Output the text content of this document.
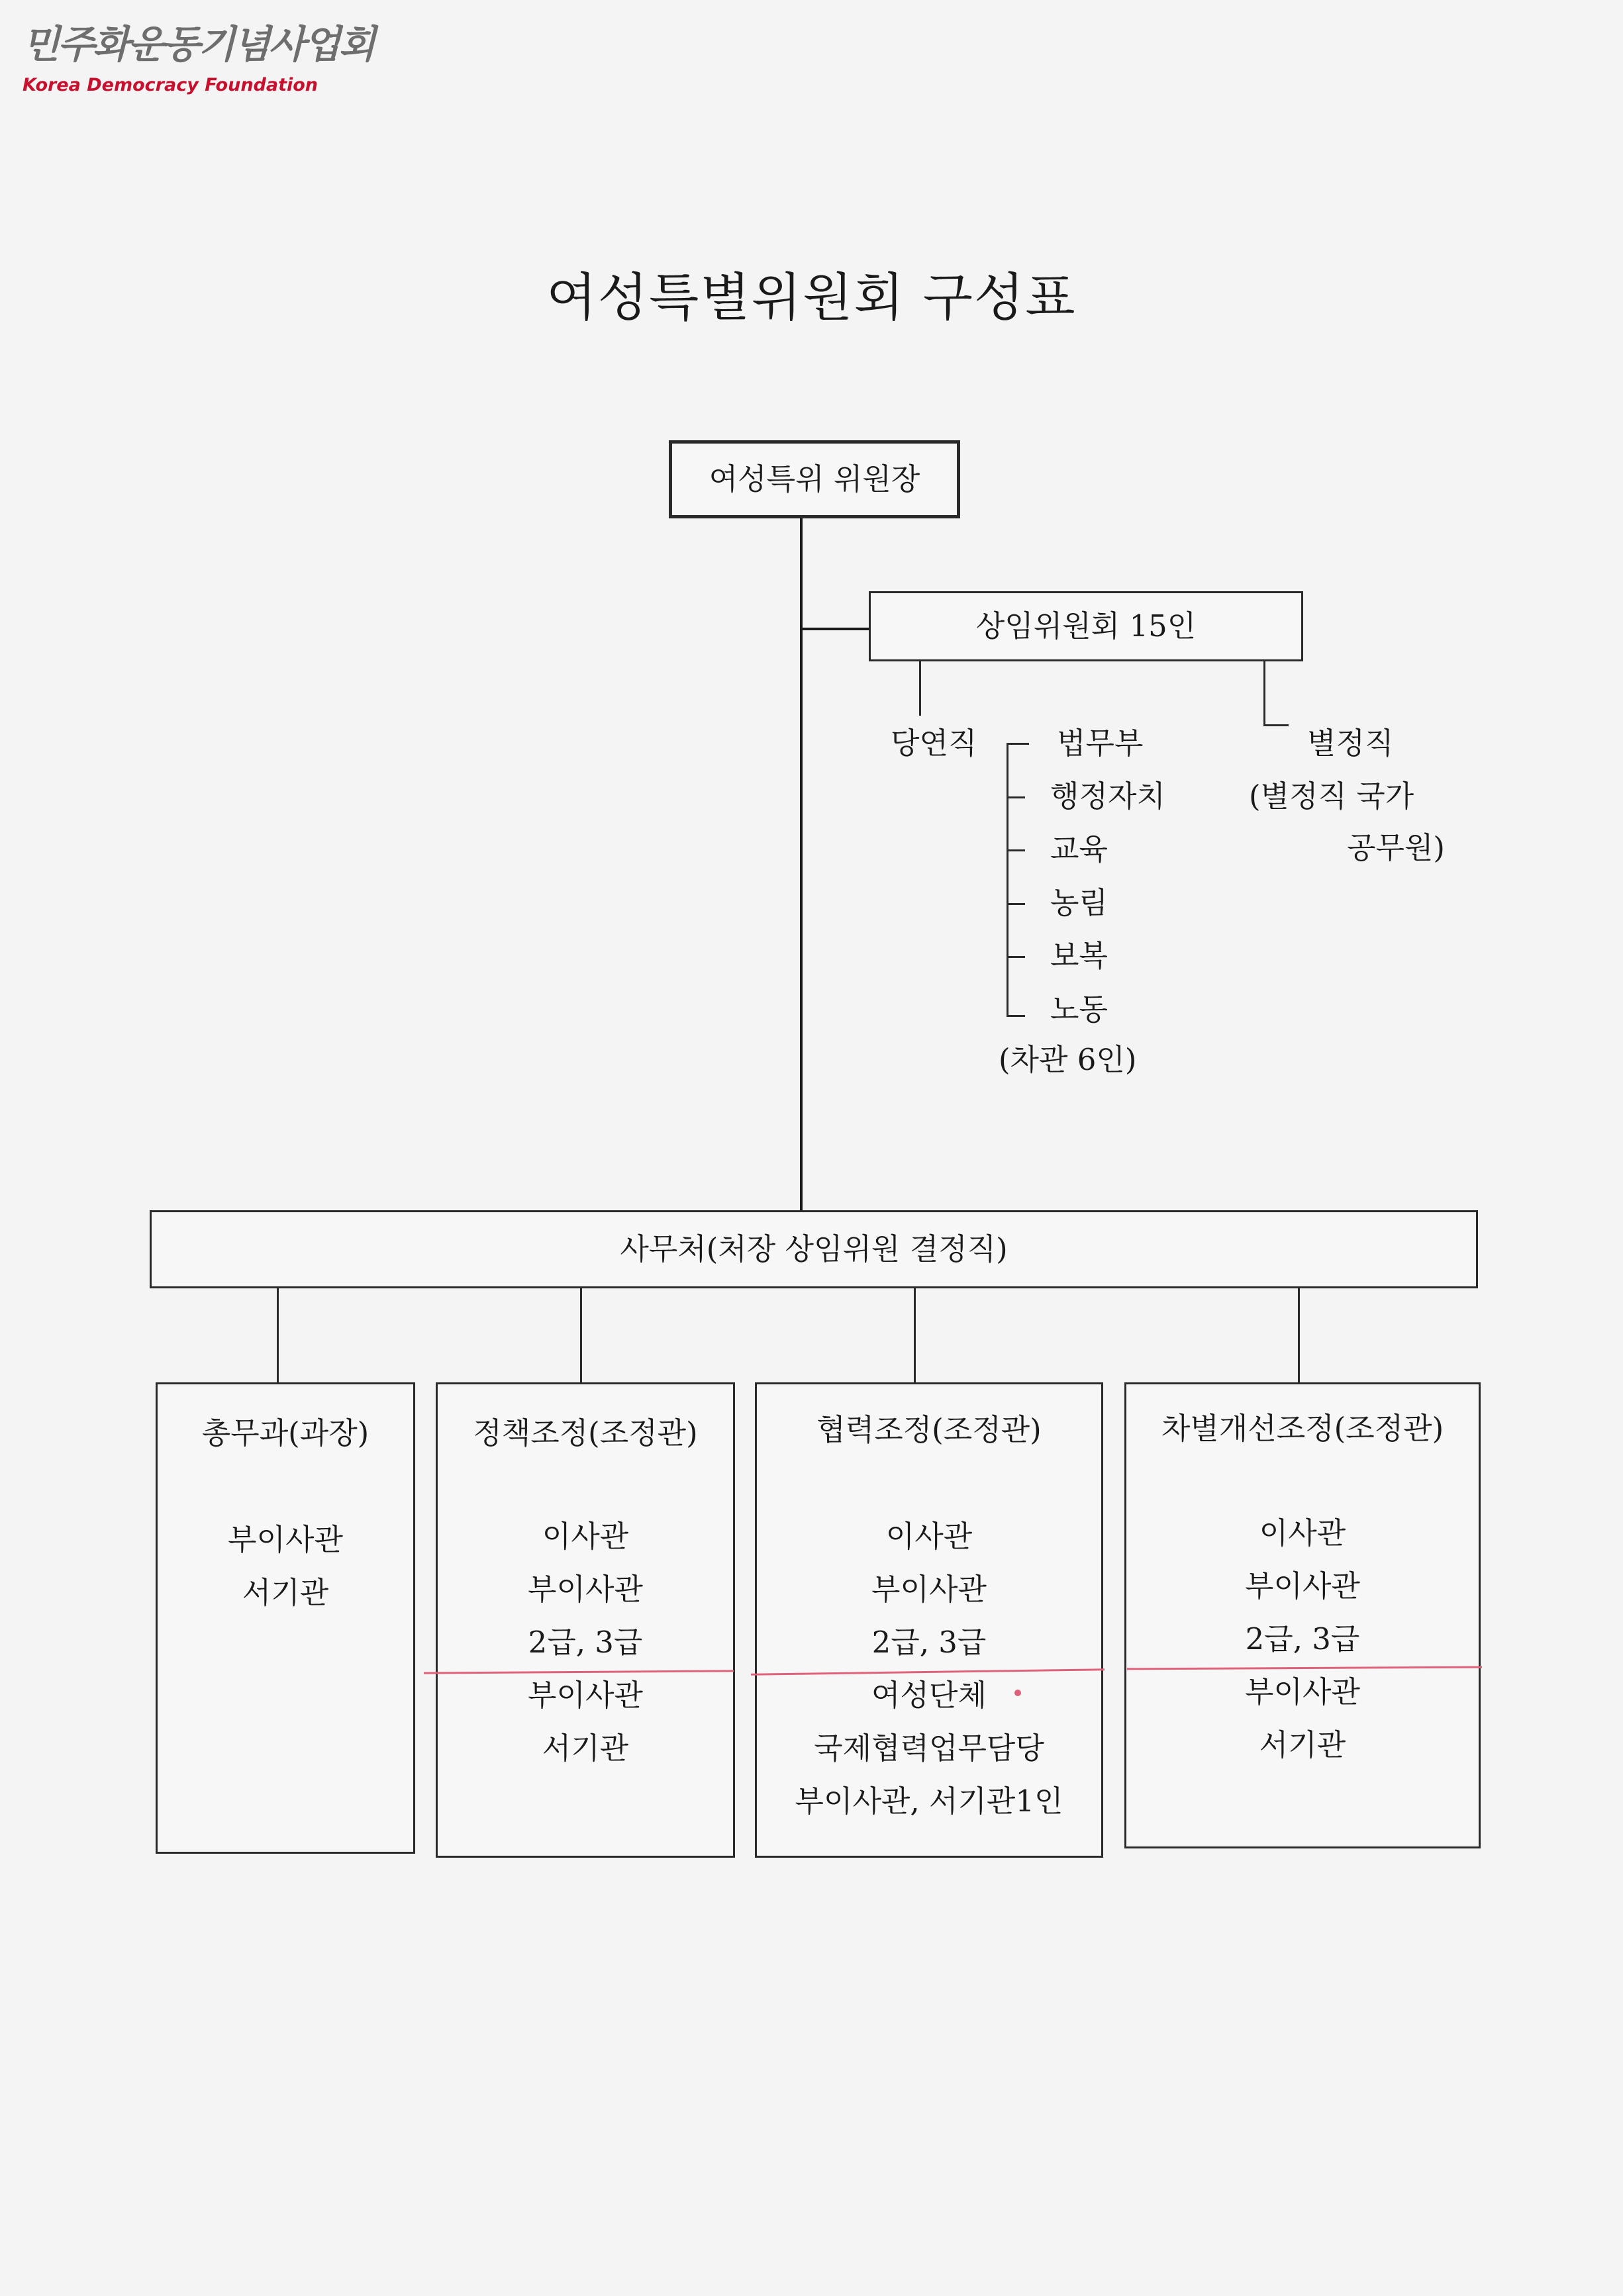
민주화운동기념사업회
Korea Democracy Foundation
여성특별위원회 구성표
여성특위 위원장
상임위원회 15인
당연직	법무부
행정자치
교육
농림
보복
노동
(차관 6인)
별정직
(별정직 국가
공무원)
사무처(처장 상임위원 결정직)
총무과(과장)
부이사관
서기관
정책조정(조정관)
이사관
부이사관
2급, 3급
부이사관
서기관
협력조정(조정관)
이사관
부이사관
2급, 3급
여성단체
국제협력업무담당
부이사관, 서기관1인
차별개선조정(조정관)
이사관
부이사관
2급, 3급
부이사관
서기관
